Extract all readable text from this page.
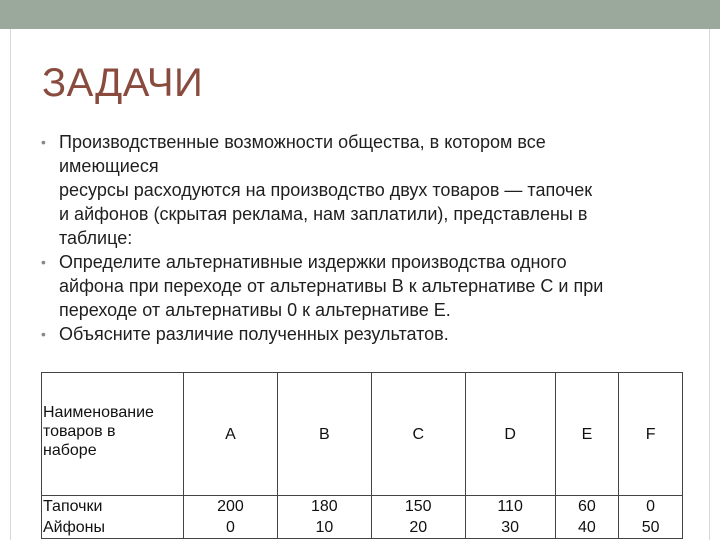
ЗАДАЧИ
• Производственные возможности общества, в котором все
имеющиеся
ресурсы расходуются на производство двух товаров — тапочек
и айфонов (скрытая реклама, нам заплатили), представлены в
таблице:
• Определите альтернативные издержки производства одного
айфона при переходе от альтернативы В к альтернативе С и при
переходе от альтернативы 0 к альтернативе Е.
• Объясните различие полученных результатов.
Наименование
товаров в
наборе	A	B	C	D	E	F
Тапочки	200	180	150	110	60	0
Айфоны	0	10	20	30	40	50
